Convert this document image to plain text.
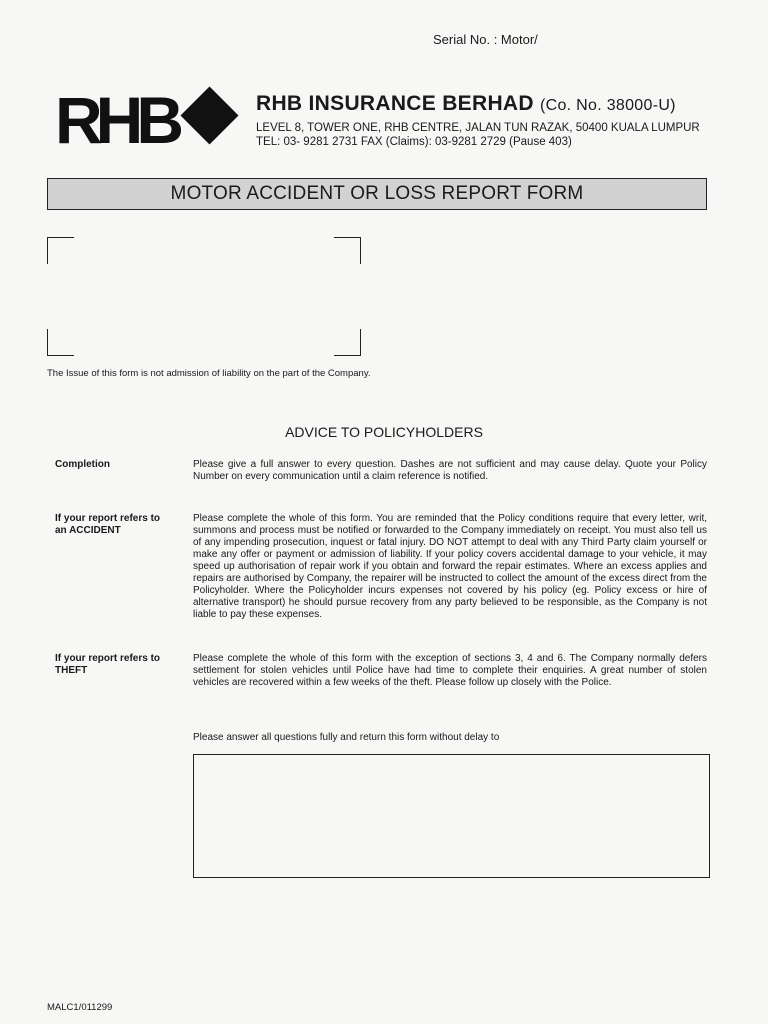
Serial No. : Motor/
RHB	RHB INSURANCE BERHAD (Co. No. 38000-U)
LEVEL 8, TOWER ONE, RHB CENTRE, JALAN TUN RAZAK, 50400 KUALA LUMPUR
TEL: 03- 9281 2731 FAX (Claims): 03-9281 2729 (Pause 403)
MOTOR ACCIDENT OR LOSS REPORT FORM
The Issue of this form is not admission of liability on the part of the Company.
ADVICE TO POLICYHOLDERS
Completion	Please give a full answer to every question. Dashes are not sufficient and may cause delay. Quote your Policy Number on every communication until a claim reference is notified.
If your report refers to an ACCIDENT
Please complete the whole of this form. You are reminded that the Policy conditions require that every letter, writ, summons and process must be notified or forwarded to the Company immediately on receipt. You must also tell us of any impending prosecution, inquest or fatal injury. DO NOT attempt to deal with any Third Party claim yourself or make any offer or payment or admission of liability. If your policy covers accidental damage to your vehicle, it may speed up authorisation of repair work if you obtain and forward the repair estimates. Where an excess applies and repairs are authorised by Company, the repairer will be instructed to collect the amount of the excess direct from the Policyholder. Where the Policyholder incurs expenses not covered by his policy (eg. Policy excess or hire of alternative transport) he should pursue recovery from any party believed to be responsible, as the Company is not liable to pay these expenses.
If your report refers to THEFT
Please complete the whole of this form with the exception of sections 3, 4 and 6. The Company normally defers settlement for stolen vehicles until Police have had time to complete their enquiries. A great number of stolen vehicles are recovered within a few weeks of the theft. Please follow up closely with the Police.
Please answer all questions fully and return this form without delay to
MALC1/011299
